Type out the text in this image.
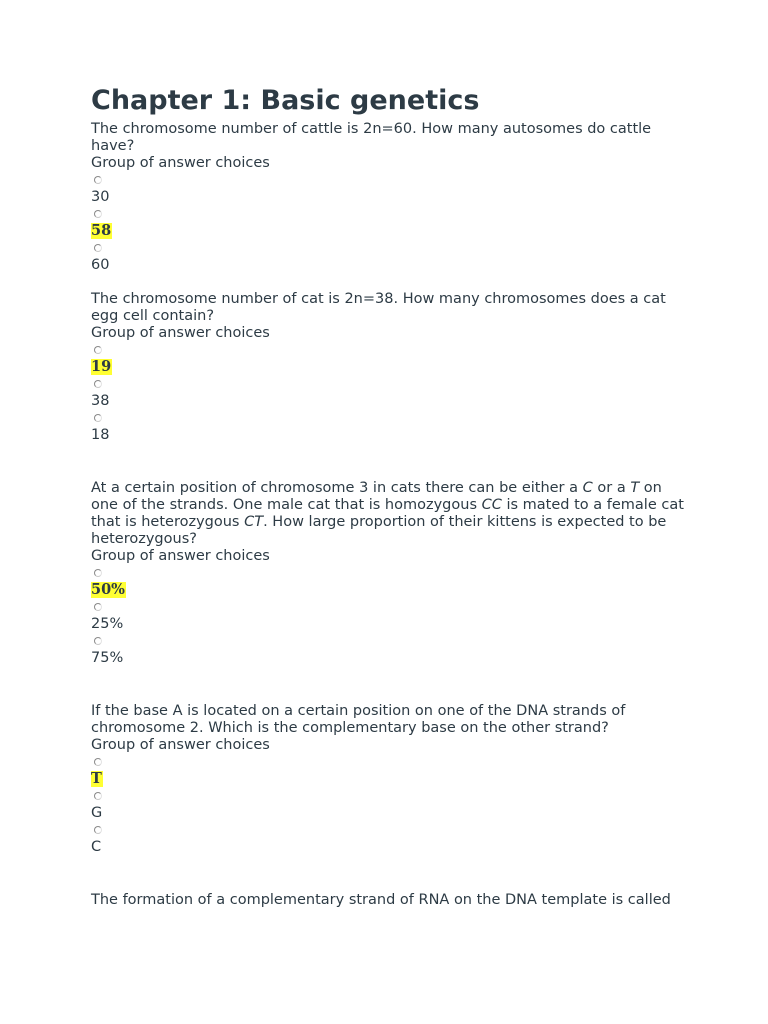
Chapter 1: Basic genetics

The chromosome number of cattle is 2n=60. How many autosomes do cattle have?

Group of answer choices

30
58
60

The chromosome number of cat is 2n=38. How many chromosomes does a cat egg cell contain?

Group of answer choices

19
38
18

At a certain position of chromosome 3 in cats there can be either a C or a T on one of the strands. One male cat that is homozygous CC is mated to a female cat that is heterozygous CT. How large proportion of their kittens is expected to be heterozygous?

Group of answer choices

50%
25%
75%

If the base A is located on a certain position on one of the DNA strands of chromosome 2. Which is the complementary base on the other strand?

Group of answer choices

T
G
C

The formation of a complementary strand of RNA on the DNA template is called
